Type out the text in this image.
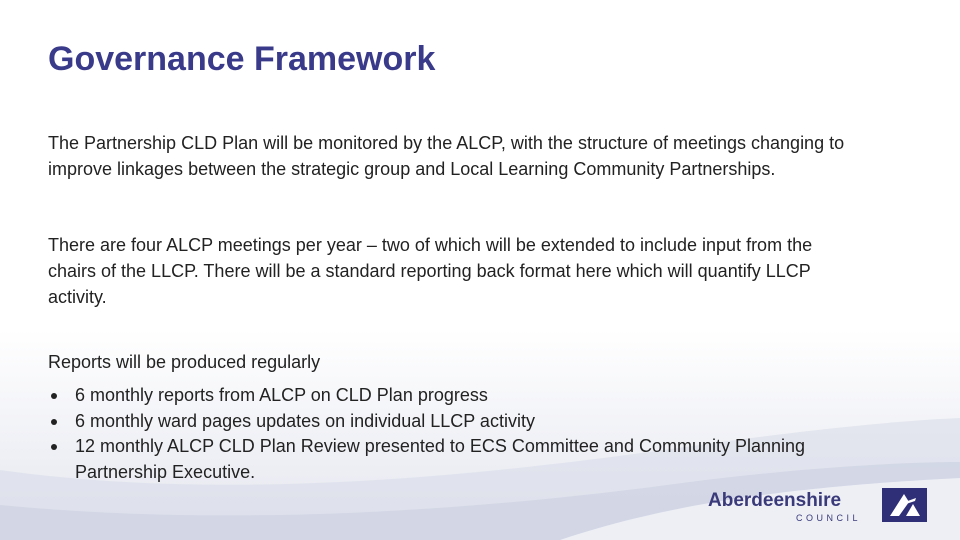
Governance Framework

The Partnership CLD Plan will be monitored by the ALCP, with the structure of meetings changing to improve linkages between the strategic group and Local Learning Community Partnerships.

There are four ALCP meetings per year – two of which will be extended to include input from the chairs of the LLCP. There will be a standard reporting back format here which will quantify LLCP activity.

Reports will be produced regularly

6 monthly reports from ALCP on CLD Plan progress
6 monthly ward pages updates on individual LLCP activity
12 monthly ALCP CLD Plan Review presented to ECS Committee and Community Planning Partnership Executive.
Aberdeenshire
COUNCIL
